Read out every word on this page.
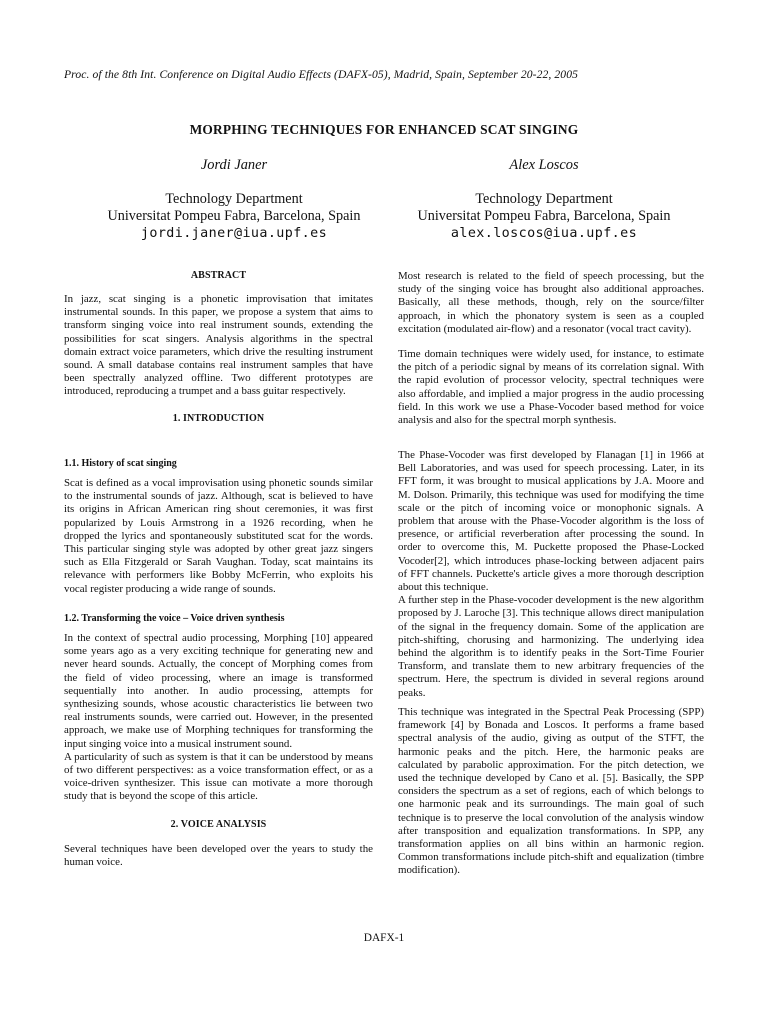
Proc. of the 8th Int. Conference on Digital Audio Effects (DAFX-05), Madrid, Spain, September 20-22, 2005
MORPHING TECHNIQUES FOR ENHANCED SCAT SINGING
Jordi Janer	Alex Loscos
Technology Department
Universitat Pompeu Fabra, Barcelona, Spain
jordi.janer@iua.upf.es
Technology Department
Universitat Pompeu Fabra, Barcelona, Spain
alex.loscos@iua.upf.es
ABSTRACT

In jazz, scat singing is a phonetic improvisation that imitates instrumental sounds. In this paper, we propose a system that aims to transform singing voice into real instrument sounds, extending the possibilities for scat singers. Analysis algorithms in the spectral domain extract voice parameters, which drive the resulting instrument sound. A small database contains real instrument samples that have been spectrally analyzed offline. Two different prototypes are introduced, reproducing a trumpet and a bass guitar respectively.

1. INTRODUCTION
1.1. History of scat singing

Scat is defined as a vocal improvisation using phonetic sounds similar to the instrumental sounds of jazz. Although, scat is believed to have its origins in African American ring shout ceremonies, it was first popularized by Louis Armstrong in a 1926 recording, when he dropped the lyrics and spontaneously substituted scat for the words. This particular singing style was adopted by other great jazz singers such as Ella Fitzgerald or Sarah Vaughan. Today, scat maintains its relevance with performers like Bobby McFerrin, who exploits his vocal register producing a wide range of sounds.

1.2. Transforming the voice – Voice driven synthesis

In the context of spectral audio processing, Morphing [10] appeared some years ago as a very exciting technique for generating new and never heard sounds. Actually, the concept of Morphing comes from the field of video processing, where an image is transformed sequentially into another. In audio processing, attempts for synthesizing sounds, whose acoustic characteristics lie between two real instruments sounds, were carried out. However, in the presented approach, we make use of Morphing techniques for transforming the input singing voice into a musical instrument sound.

A particularity of such as system is that it can be understood by means of two different perspectives: as a voice transformation effect, or as a voice-driven synthesizer. This issue can motivate a more thorough study that is beyond the scope of this article.

2. VOICE ANALYSIS

Several techniques have been developed over the years to study the human voice.

Most research is related to the field of speech processing, but the study of the singing voice has brought also additional approaches. Basically, all these methods, though, rely on the source/filter approach, in which the phonatory system is seen as a coupled excitation (modulated air-flow) and a resonator (vocal tract cavity).

Time domain techniques were widely used, for instance, to estimate the pitch of a periodic signal by means of its correlation signal. With the rapid evolution of processor velocity, spectral techniques were also affordable, and implied a major progress in the audio processing field. In this work we use a Phase-Vocoder based method for voice analysis and also for the spectral morph synthesis.

The Phase-Vocoder was first developed by Flanagan [1] in 1966 at Bell Laboratories, and was used for speech processing. Later, in its FFT form, it was brought to musical applications by J.A. Moore and M. Dolson. Primarily, this technique was used for modifying the time scale or the pitch of incoming voice or monophonic signals. A problem that arouse with the Phase-Vocoder algorithm is the loss of presence, or artificial reverberation after processing the sound. In order to overcome this, M. Puckette proposed the Phase-Locked Vocoder[2], which introduces phase-locking between adjacent pairs of FFT channels. Puckette's article gives a more thorough description about this technique.

A further step in the Phase-vocoder development is the new algorithm proposed by J. Laroche [3]. This technique allows direct manipulation of the signal in the frequency domain. Some of the application are pitch-shifting, chorusing and harmonizing. The underlying idea behind the algorithm is to identify peaks in the Sort-Time Fourier Transform, and translate them to new arbitrary frequencies of the spectrum. Here, the spectrum is divided in several regions around peaks.

This technique was integrated in the Spectral Peak Processing (SPP) framework [4] by Bonada and Loscos. It performs a frame based spectral analysis of the audio, giving as output of the STFT, the harmonic peaks and the pitch. Here, the harmonic peaks are calculated by parabolic approximation. For the pitch detection, we used the technique developed by Cano et al. [5]. Basically, the SPP considers the spectrum as a set of regions, each of which belongs to one harmonic peak and its surroundings. The main goal of such technique is to preserve the local convolution of the analysis window after transposition and equalization transformations. In SPP, any transformation applies on all bins within an harmonic region. Common transformations include pitch-shift and equalization (timbre modification).

DAFX-1
